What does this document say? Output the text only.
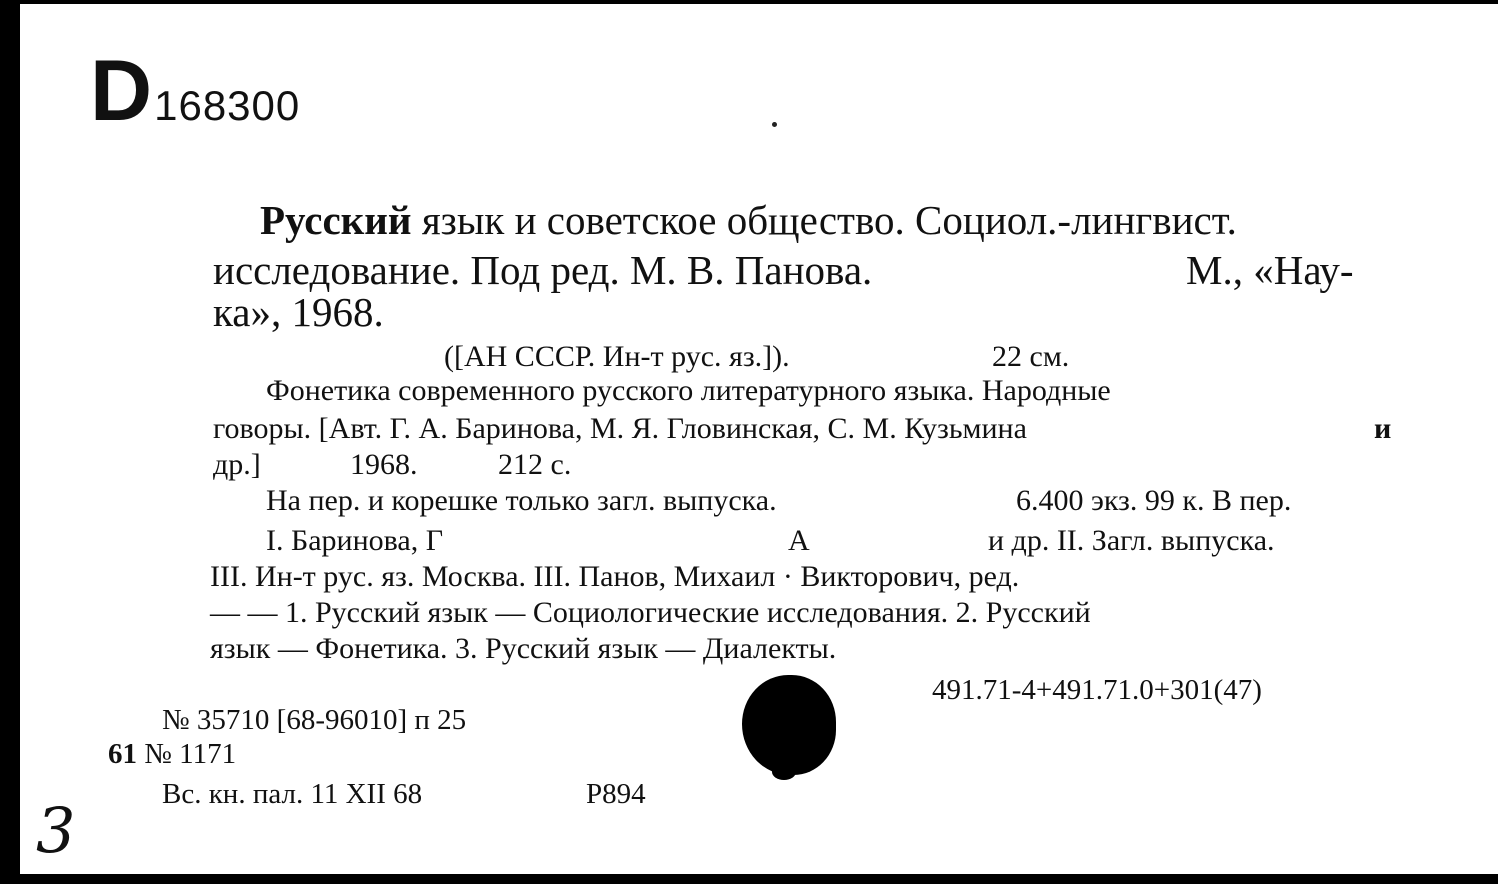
D168300
Русский язык и советское общество. Социол.-лингвист.
исследование. Под ред. М. В. Панова.	М., «Нау-
ка», 1968.
([АН СССР. Ин-т рус. яз.]).	22 см.
Фонетика современного русского литературного языка. Народные
говоры. [Авт. Г. А. Баринова, М. Я. Гловинская, С. М. Кузьмина	и
др.]	1968.	212 с.
На пер. и корешке только загл. выпуска.	6.400 экз. 99 к. В пер.
I. Баринова, Г	А	и др. II. Загл. выпуска.
III. Ин-т рус. яз. Москва. III. Панов, Михаил · Викторович, ред.
— — 1. Русский язык — Социологические исследования. 2. Русский
язык — Фонетика. 3. Русский язык — Диалекты.
491.71-4+491.71.0+301(47)
№ 35710 [68-96010] п 25
61 № 1171
Вс. кн. пал. 11 XII 68	Р894
3
